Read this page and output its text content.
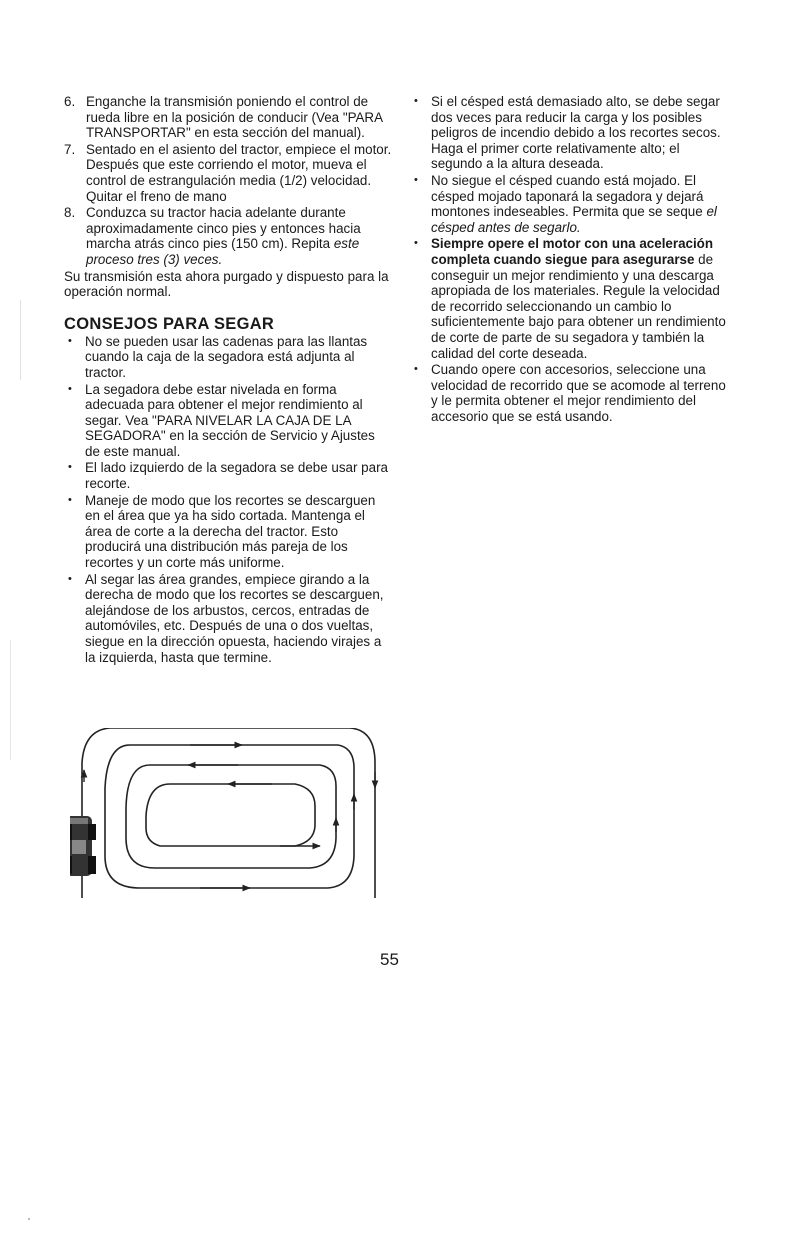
6. Enganche la transmisión poniendo el control de rueda libre en la posición de conducir (Vea "PARA TRANSPORTAR" en esta sección del manual).
7. Sentado en el asiento del tractor, empiece el motor. Después que este corriendo el motor, mueva el control de estrangulación media (1/2) velocidad. Quitar el freno de mano
8. Conduzca su tractor hacia adelante durante aproximadamente cinco pies y entonces hacia marcha atrás cinco pies (150 cm). Repita este proceso tres (3) veces.

Su transmisión esta ahora purgado y dispuesto para la operación normal.

CONSEJOS PARA SEGAR
• No se pueden usar las cadenas para las llantas cuando la caja de la segadora está adjunta al tractor.
• La segadora debe estar nivelada en forma adecuada para obtener el mejor rendimiento al segar. Vea "PARA NIVELAR LA CAJA DE LA SEGADORA" en la sección de Servicio y Ajustes de este manual.
• El lado izquierdo de la segadora se debe usar para recorte.
• Maneje de modo que los recortes se descarguen en el área que ya ha sido cortada. Mantenga el área de corte a la derecha del tractor. Esto producirá una distribución más pareja de los recortes y un corte más uniforme.
• Al segar las área grandes, empiece girando a la derecha de modo que los recortes se descarguen, alejándose de los arbustos, cercos, entradas de automóviles, etc. Después de una o dos vueltas, siegue en la dirección opuesta, haciendo virajes a la izquierda, hasta que termine.
• Si el césped está demasiado alto, se debe segar dos veces para reducir la carga y los posibles peligros de incendio debido a los recortes secos. Haga el primer corte relativamente alto; el segundo a la altura deseada.
• No siegue el césped cuando está mojado. El césped mojado taponará la segadora y dejará montones indeseables. Permita que se seque el césped antes de segarlo.
• Siempre opere el motor con una aceleración completa cuando siegue para asegurarse de conseguir un mejor rendimiento y una descarga apropiada de los materiales. Regule la velocidad de recorrido seleccionando un cambio lo suficientemente bajo para obtener un rendimiento de corte de parte de su segadora y también la calidad del corte deseada.
• Cuando opere con accesorios, seleccione una velocidad de recorrido que se acomode al terreno y le permita obtener el mejor rendimiento del accesorio que se está usando.
55
